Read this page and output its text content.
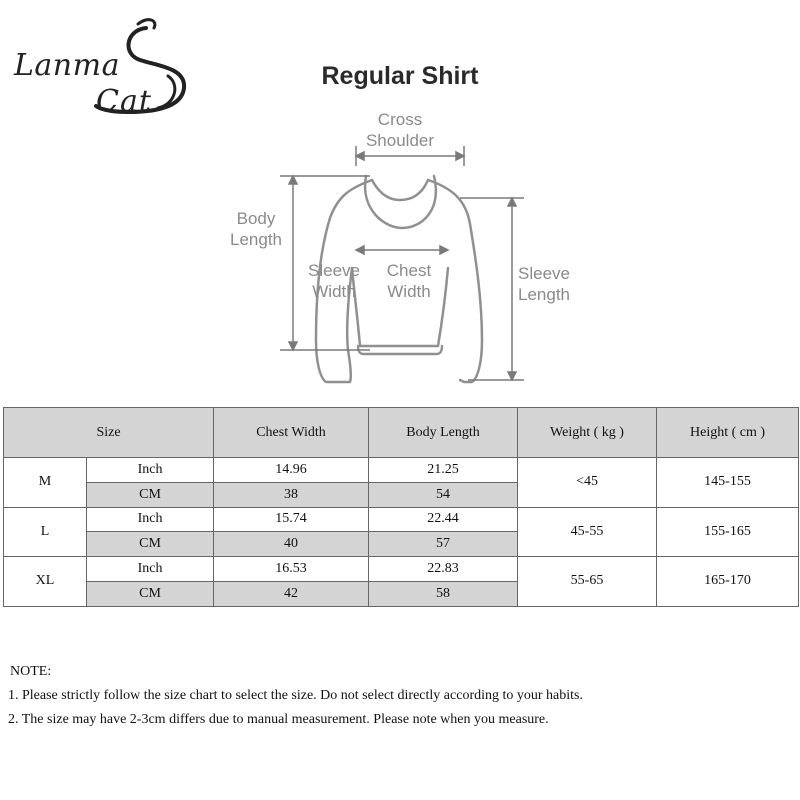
Lanma
Cat
Regular Shirt
Cross
Shoulder
Body
Length
Sleeve
Width
Chest
Width
Sleeve
Length
Size		Chest Width	Body Length	Weight ( kg )	Height ( cm )
M	Inch	14.96	21.25	<45	145-155
	CM	38	54		
L	Inch	15.74	22.44	45-55	155-165
	CM	40	57		
XL	Inch	16.53	22.83	55-65	165-170
	CM	42	58		
NOTE:
1. Please strictly follow the size chart to select the size. Do not select directly according to your habits.
2. The size may have 2-3cm differs due to manual measurement. Please note when you measure.
